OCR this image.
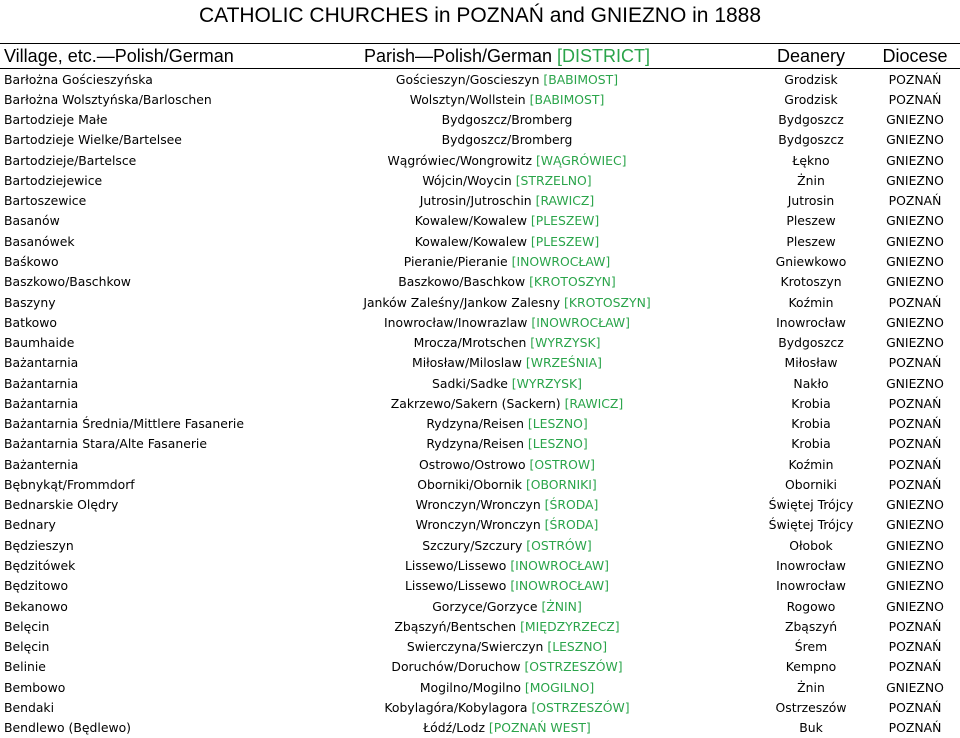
CATHOLIC CHURCHES in POZNAŃ and GNIEZNO in 1888
Village, etc.—Polish/German	Parish—Polish/German [DISTRICT]	Deanery	Diocese
Barłożna Gościeszyńska	Gościeszyn/Goscieszyn [BABIMOST]	Grodzisk	POZNAŃ
Barłożna Wolsztyńska/Barloschen	Wolsztyn/Wollstein [BABIMOST]	Grodzisk	POZNAŃ
Bartodzieje Małe	Bydgoszcz/Bromberg	Bydgoszcz	GNIEZNO
Bartodzieje Wielke/Bartelsee	Bydgoszcz/Bromberg	Bydgoszcz	GNIEZNO
Bartodzieje/Bartelsce	Wągrówiec/Wongrowitz [WĄGRÓWIEC]	Łękno	GNIEZNO
Bartodziejewice	Wójcin/Woycin [STRZELNO]	Żnin	GNIEZNO
Bartoszewice	Jutrosin/Jutroschin [RAWICZ]	Jutrosin	POZNAŃ
Basanów	Kowalew/Kowalew [PLESZEW]	Pleszew	GNIEZNO
Basanówek	Kowalew/Kowalew [PLESZEW]	Pleszew	GNIEZNO
Baśkowo	Pieranie/Pieranie [INOWROCŁAW]	Gniewkowo	GNIEZNO
Baszkowo/Baschkow	Baszkowo/Baschkow [KROTOSZYN]	Krotoszyn	GNIEZNO
Baszyny	Janków Zaleśny/Jankow Zalesny [KROTOSZYN]	Koźmin	POZNAŃ
Batkowo	Inowrocław/Inowrazlaw [INOWROCŁAW]	Inowrocław	GNIEZNO
Baumhaide	Mrocza/Mrotschen [WYRZYSK]	Bydgoszcz	GNIEZNO
Bażantarnia	Miłosław/Miloslaw [WRZEŚNIA]	Miłosław	POZNAŃ
Bażantarnia	Sadki/Sadke [WYRZYSK]	Nakło	GNIEZNO
Bażantarnia	Zakrzewo/Sakern (Sackern) [RAWICZ]	Krobia	POZNAŃ
Bażantarnia Średnia/Mittlere Fasanerie	Rydzyna/Reisen [LESZNO]	Krobia	POZNAŃ
Bażantarnia Stara/Alte Fasanerie	Rydzyna/Reisen [LESZNO]	Krobia	POZNAŃ
Bażanternia	Ostrowo/Ostrowo [OSTROW]	Koźmin	POZNAŃ
Bębnykąt/Frommdorf	Oborniki/Obornik [OBORNIKI]	Oborniki	POZNAŃ
Bednarskie Olędry	Wronczyn/Wronczyn [ŚRODA]	Świętej Trójcy	GNIEZNO
Bednary	Wronczyn/Wronczyn [ŚRODA]	Świętej Trójcy	GNIEZNO
Będzieszyn	Szczury/Szczury [OSTRÓW]	Ołobok	GNIEZNO
Będzitówek	Lissewo/Lissewo [INOWROCŁAW]	Inowrocław	GNIEZNO
Będzitowo	Lissewo/Lissewo [INOWROCŁAW]	Inowrocław	GNIEZNO
Bekanowo	Gorzyce/Gorzyce [ŻNIN]	Rogowo	GNIEZNO
Belęcin	Zbąszyń/Bentschen [MIĘDZYRZECZ]	Zbąszyń	POZNAŃ
Belęcin	Swierczyna/Swierczyn [LESZNO]	Śrem	POZNAŃ
Belinie	Doruchów/Doruchow [OSTRZESZÓW]	Kempno	POZNAŃ
Bembowo	Mogilno/Mogilno [MOGILNO]	Żnin	GNIEZNO
Bendaki	Kobylagóra/Kobylagora [OSTRZESZÓW]	Ostrzeszów	POZNAŃ
Bendlewo (Będlewo)	Łódź/Lodz [POZNAŃ WEST]	Buk	POZNAŃ
